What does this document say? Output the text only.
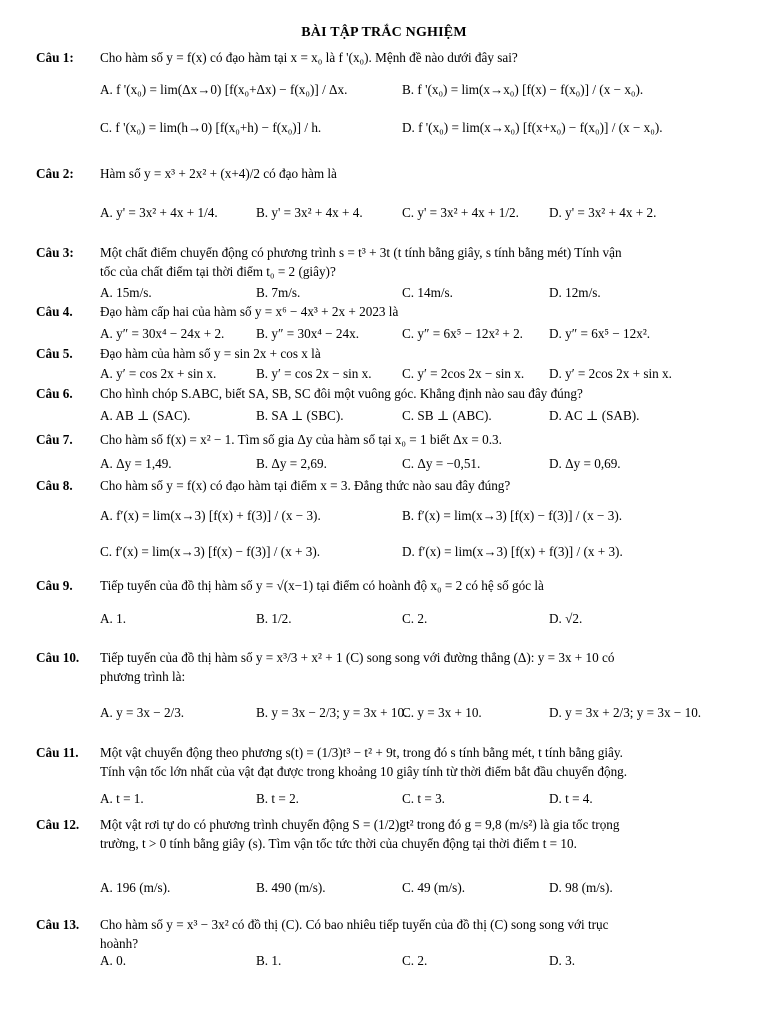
BÀI TẬP TRẮC NGHIỆM
Câu 1: Cho hàm số y = f(x) có đạo hàm tại x = x₀ là f '(x₀). Mệnh đề nào dưới đây sai?
A. f '(x₀) = lim(Δx→0) [f(x₀+Δx) − f(x₀)] / Δx.	B. f '(x₀) = lim(x→x₀) [f(x) − f(x₀)] / (x − x₀).
C. f '(x₀) = lim(h→0) [f(x₀+h) − f(x₀)] / h.	D. f '(x₀) = lim(x→x₀) [f(x+x₀) − f(x₀)] / (x − x₀).
Câu 2: Hàm số y = x³ + 2x² + (x+4)/2 có đạo hàm là
A. y' = 3x² + 4x + 1/4.	B. y' = 3x² + 4x + 4.	C. y' = 3x² + 4x + 1/2. D. y' = 3x² + 4x + 2.
Câu 3: Một chất điểm chuyển động có phương trình s = t³ + 3t (t tính bằng giây, s tính bằng mét) Tính vận
tốc của chất điểm tại thời điểm t₀ = 2 (giây)?
A. 15m/s.	B. 7m/s.	C. 14m/s.	D. 12m/s.
Câu 4. Đạo hàm cấp hai của hàm số y = x⁶ − 4x³ + 2x + 2023 là
A. y″ = 30x⁴ − 24x + 2. B. y″ = 30x⁴ − 24x.	C. y″ = 6x⁵ − 12x² + 2. D. y″ = 6x⁵ − 12x².
Câu 5. Đạo hàm của hàm số y = sin 2x + cos x là
A. y′ = cos 2x + sin x.	B. y′ = cos 2x − sin x. C. y′ = 2cos 2x − sin x. D. y′ = 2cos 2x + sin x.
Câu 6. Cho hình chóp S.ABC, biết SA, SB, SC đôi một vuông góc. Khẳng định nào sau đây đúng?
A. AB ⊥ (SAC).	B. SA ⊥ (SBC).	C. SB ⊥ (ABC).	D. AC ⊥ (SAB).
Câu 7. Cho hàm số f(x) = x² − 1. Tìm số gia Δy của hàm số tại x₀ = 1 biết Δx = 0.3.
A. Δy = 1,49.	B. Δy = 2,69.	C. Δy = −0,51.	D. Δy = 0,69.
Câu 8. Cho hàm số y = f(x) có đạo hàm tại điểm x = 3. Đẳng thức nào sau đây đúng?
A. f′(x) = lim(x→3) [f(x) + f(3)] / (x − 3).	B. f′(x) = lim(x→3) [f(x) − f(3)] / (x − 3).
C. f′(x) = lim(x→3) [f(x) − f(3)] / (x + 3).	D. f′(x) = lim(x→3) [f(x) + f(3)] / (x + 3).
Câu 9. Tiếp tuyến của đồ thị hàm số y = √(x−1) tại điểm có hoành độ x₀ = 2 có hệ số góc là
A. 1.	B. 1/2.	C. 2.	D. √2.
Câu 10. Tiếp tuyến của đồ thị hàm số y = x³/3 + x² + 1 (C) song song với đường thẳng (Δ): y = 3x + 10 có
phương trình là:
A. y = 3x − 2/3.	B. y = 3x − 2/3; y = 3x + 10.
C. y = 3x + 10.	D. y = 3x + 2/3; y = 3x − 10.
Câu 11. Một vật chuyển động theo phương s(t) = (1/3)t³ − t² + 9t, trong đó s tính bằng mét, t tính bằng giây.
Tính vận tốc lớn nhất của vật đạt được trong khoảng 10 giây tính từ thời điểm bắt đầu chuyển động.
A. t = 1.	B. t = 2.	C. t = 3.	D. t = 4.
Câu 12. Một vật rơi tự do có phương trình chuyển động S = (1/2)gt² trong đó g = 9,8 (m/s²) là gia tốc trọng
trường, t > 0 tính bằng giây (s). Tìm vận tốc tức thời của chuyển động tại thời điểm t = 10.
A. 196 (m/s).	B. 490 (m/s).	C. 49 (m/s).	D. 98 (m/s).
Câu 13. Cho hàm số y = x³ − 3x² có đồ thị (C). Có bao nhiêu tiếp tuyến của đồ thị (C) song song với trục
hoành?
A. 0.	B. 1.	C. 2.	D. 3.
